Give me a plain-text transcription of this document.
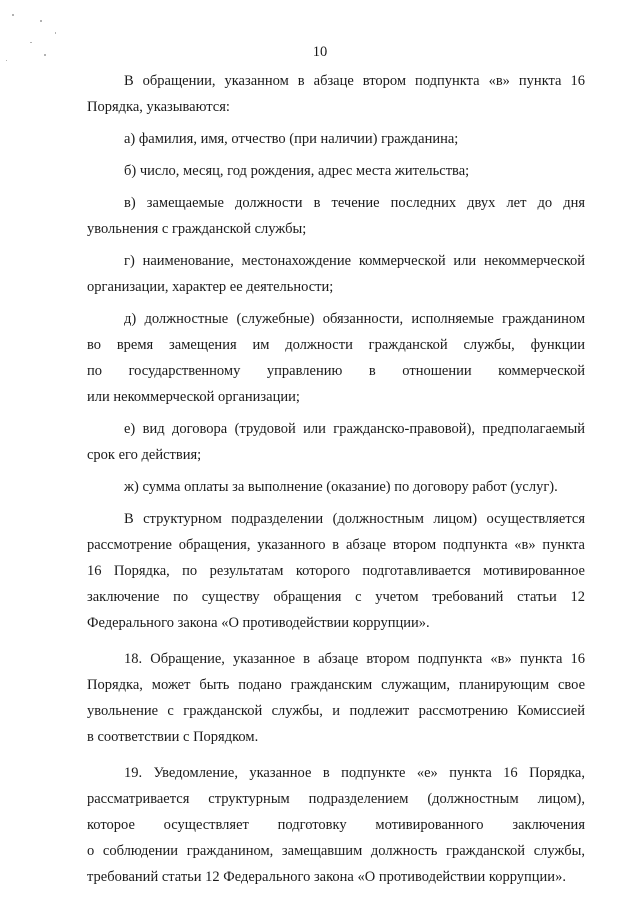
10
В обращении, указанном в абзаце втором подпункта «в» пункта 16
Порядка, указываются:
а) фамилия, имя, отчество (при наличии) гражданина;
б) число, месяц, год рождения, адрес места жительства;
в) замещаемые должности в течение последних двух лет до дня
увольнения с гражданской службы;
г) наименование, местонахождение коммерческой или некоммерческой
организации, характер ее деятельности;
д) должностные (служебные) обязанности, исполняемые гражданином
во время замещения им должности гражданской службы, функции
по государственному управлению в отношении коммерческой
или некоммерческой организации;
е) вид договора (трудовой или гражданско-правовой), предполагаемый
срок его действия;
ж) сумма оплаты за выполнение (оказание) по договору работ (услуг).
В структурном подразделении (должностным лицом) осуществляется
рассмотрение обращения, указанного в абзаце втором подпункта «в» пункта
16 Порядка, по результатам которого подготавливается мотивированное
заключение по существу обращения с учетом требований статьи 12
Федерального закона «О противодействии коррупции».
18. Обращение, указанное в абзаце втором подпункта «в» пункта 16
Порядка, может быть подано гражданским служащим, планирующим свое
увольнение с гражданской службы, и подлежит рассмотрению Комиссией
в соответствии с Порядком.
19. Уведомление, указанное в подпункте «е» пункта 16 Порядка,
рассматривается структурным подразделением (должностным лицом),
которое осуществляет подготовку мотивированного заключения
о соблюдении гражданином, замещавшим должность гражданской службы,
требований статьи 12 Федерального закона «О противодействии коррупции».
